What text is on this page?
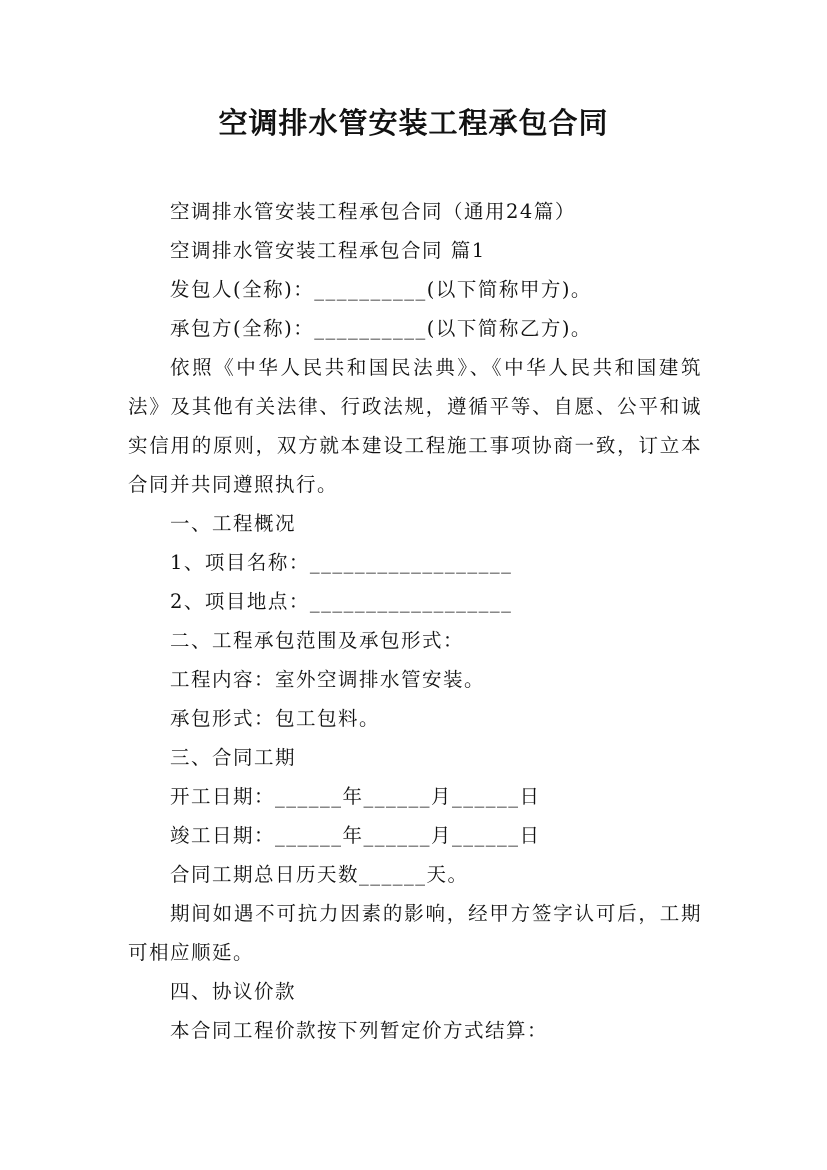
空调排水管安装工程承包合同

空调排水管安装工程承包合同（通用24篇）

空调排水管安装工程承包合同 篇1

发包人(全称)：__________(以下简称甲方)。

承包方(全称)：__________(以下简称乙方)。

依照《中华人民共和国民法典》、《中华人民共和国建筑法》及其他有关法律、行政法规，遵循平等、自愿、公平和诚实信用的原则，双方就本建设工程施工事项协商一致，订立本合同并共同遵照执行。

一、工程概况

1、项目名称：__________________

2、项目地点：__________________

二、工程承包范围及承包形式：

工程内容：室外空调排水管安装。

承包形式：包工包料。

三、合同工期

开工日期：______年______月______日

竣工日期：______年______月______日

合同工期总日历天数______天。

期间如遇不可抗力因素的影响，经甲方签字认可后，工期可相应顺延。

四、协议价款

本合同工程价款按下列暂定价方式结算：
